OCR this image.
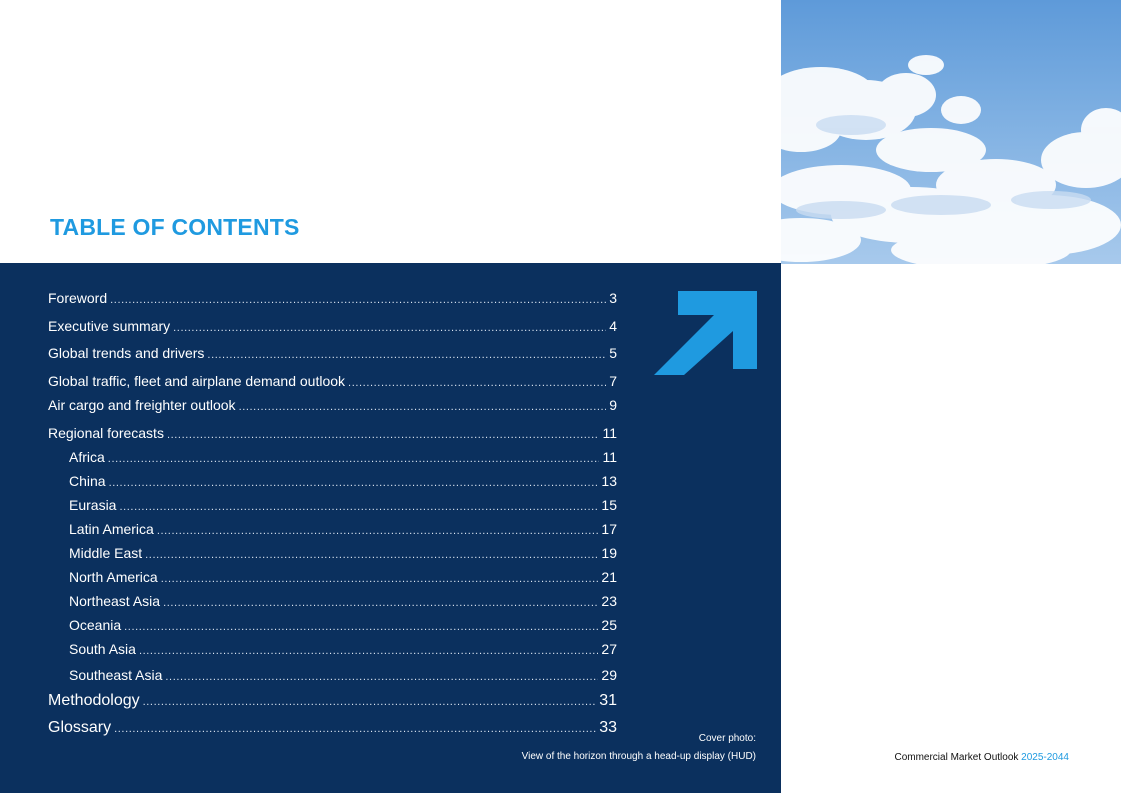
TABLE OF CONTENTS
Foreword .....	3
Executive summary .....	4
Global trends and drivers .....	5
Global traffic, fleet and airplane demand outlook .....	7
Air cargo and freighter outlook .....	9
Regional forecasts .....	11
Africa .....	11
China .....	13
Eurasia .....	15
Latin America .....	17
Middle East .....	19
North America .....	21
Northeast Asia .....	23
Oceania .....	25
South Asia .....	27
Southeast Asia .....	29
Methodology .....	31
Glossary .....	33
Cover photo:
View of the horizon through a head-up display (HUD)	Commercial Market Outlook 2025-2044
